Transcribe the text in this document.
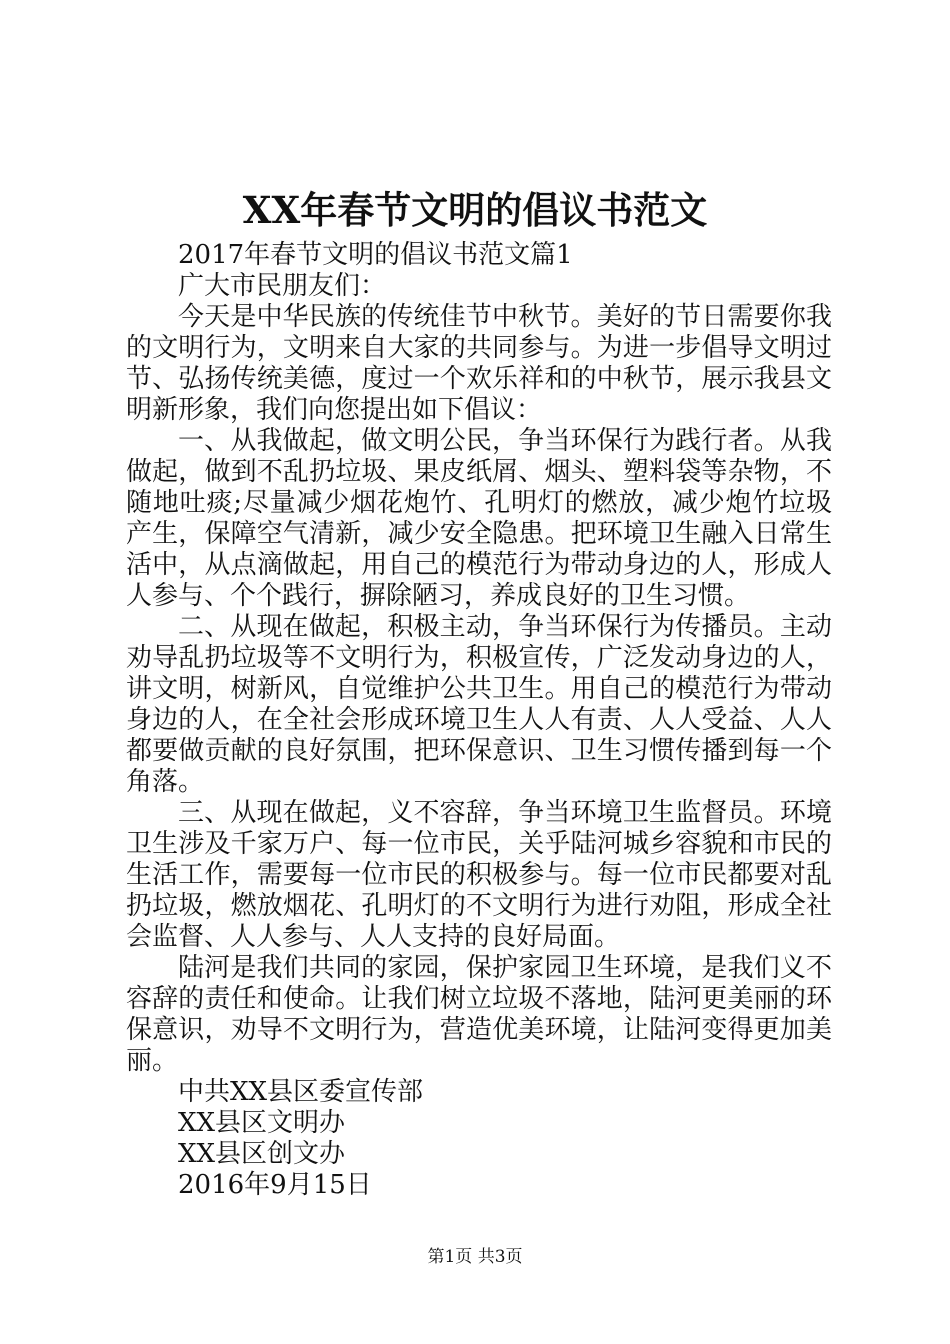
XX年春节文明的倡议书范文

2017年春节文明的倡议书范文篇1

广大市民朋友们：

今天是中华民族的传统佳节中秋节。美好的节日需要你我的文明行为，文明来自大家的共同参与。为进一步倡导文明过节、弘扬传统美德，度过一个欢乐祥和的中秋节，展示我县文明新形象，我们向您提出如下倡议：

一、从我做起，做文明公民，争当环保行为践行者。从我做起，做到不乱扔垃圾、果皮纸屑、烟头、塑料袋等杂物，不随地吐痰;尽量减少烟花炮竹、孔明灯的燃放，减少炮竹垃圾产生，保障空气清新，减少安全隐患。把环境卫生融入日常生活中，从点滴做起，用自己的模范行为带动身边的人，形成人人参与、个个践行，摒除陋习，养成良好的卫生习惯。

二、从现在做起，积极主动，争当环保行为传播员。主动劝导乱扔垃圾等不文明行为，积极宣传，广泛发动身边的人，讲文明，树新风，自觉维护公共卫生。用自己的模范行为带动身边的人，在全社会形成环境卫生人人有责、人人受益、人人都要做贡献的良好氛围，把环保意识、卫生习惯传播到每一个角落。

三、从现在做起，义不容辞，争当环境卫生监督员。环境卫生涉及千家万户、每一位市民，关乎陆河城乡容貌和市民的生活工作，需要每一位市民的积极参与。每一位市民都要对乱扔垃圾，燃放烟花、孔明灯的不文明行为进行劝阻，形成全社会监督、人人参与、人人支持的良好局面。

陆河是我们共同的家园，保护家园卫生环境，是我们义不容辞的责任和使命。让我们树立垃圾不落地，陆河更美丽的环保意识，劝导不文明行为，营造优美环境，让陆河变得更加美丽。

中共XX县区委宣传部

XX县区文明办

XX县区创文办

2016年9月15日

第1页 共3页
